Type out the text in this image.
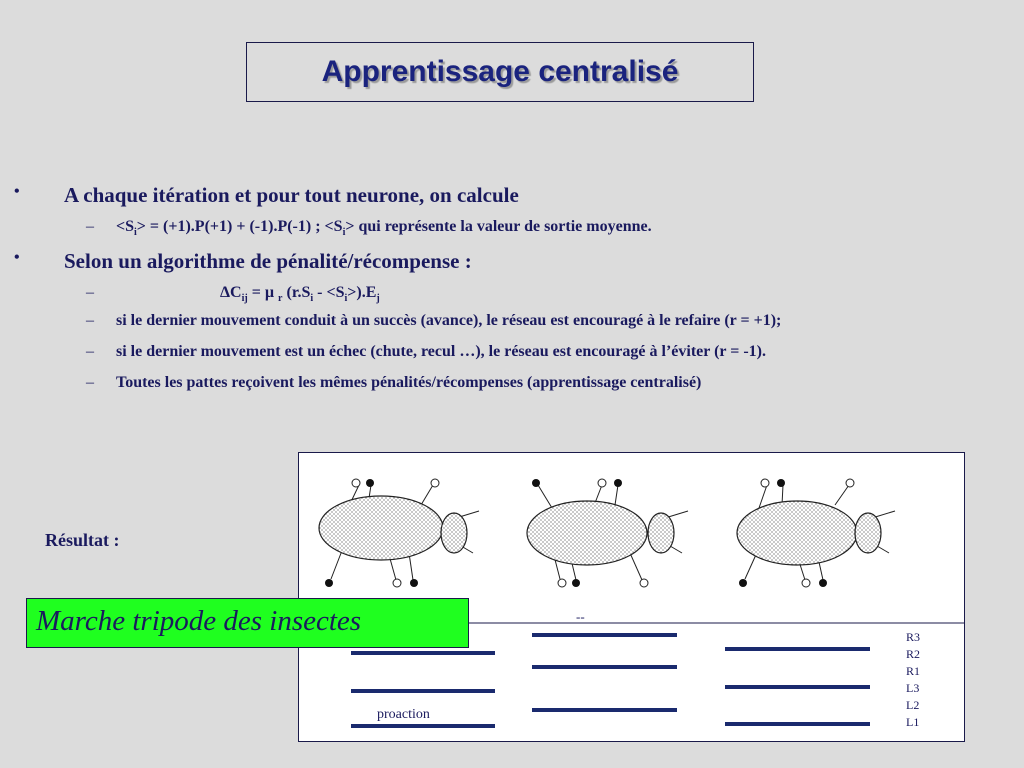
Apprentissage centralisé
• A chaque itération et pour tout neurone, on calcule
– $<S_i> = (+1).P(+1) + (-1).P(-1)$ ; $<S_i>$ qui représente la valeur de sortie moyenne.
• Selon un algorithme de pénalité/récompense :
–	$\Delta C_{ij} = \mu$ $_r$ $(r.S_i - <S_i>).E_j$
– si le dernier mouvement conduit à un succès (avance), le réseau est encouragé à le refaire (r = +1);
– si le dernier mouvement est un échec (chute, recul …), le réseau est encouragé à l’éviter (r = -1).
– Toutes les pattes reçoivent les mêmes pénalités/récompenses (apprentissage centralisé)
Résultat :
--
proaction
R3
R2
R1
L3
L2
L1
Marche tripode des insectes
